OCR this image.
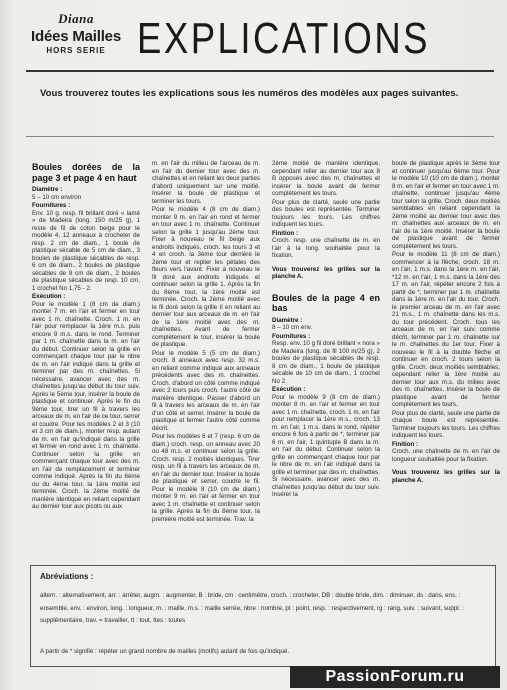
Diana
Idées Mailles
HORS SERIE EXPLICATIONS
Vous trouverez toutes les explications sous les numéros des modèles aux pages suivantes.
Boules dorées de la page 3 et page 4 en haut
Diamètre :

5 – 10 cm environ

Fournitures :

Env. 10 g. resp. fil brillant doré « lamé » de Madeira (long. 150 m/25 g), 1 reste de fil de coton beige pour le modèle 4, 12 anneaux à crocheter de resp. 2 cm de diam., 1 boule de plastique sécable de 5 cm de diam., 3 boules de plastique sécables de resp. 6 cm de diam., 2 boules de plastique sécables de 8 cm de diam., 2 boules de plastique sécables de resp. 10 cm, 1 crochet No 1,75 - 2.

Exécution :

Pour le modèle 1 (8 cm de diam.) monter 7 m. en l'air et fermer en tour avec 1 m. chaînette. Croch. 1 m. en l'air pour remplacer la 1ère m.s. puis encore 9 m.s. dans le rond. Terminer par 1 m. chaînette dans la m. en l'air du début. Continuer selon la grille en commençant chaque tour par le nbre de m. en l'air indiqué dans la grille et terminer par des m. chaînettes. Si nécessaire, avancer avec des m. chaînettes jusqu'au début du tour suiv. Après le 5ème tour, insérer la boule de plastique et continuer. Après le fin du 9ème tour, tirer un fil à travers les arceaux de m. en l'air de ce tour, serrer et coudre. Pour les modèles 2 et 3 (10 et 3 cm de diam.), monter resp. autant de m. en l'air qu'indiqué dans la grille et fermer en rond avec 1 m. chaînette. Continuer selon la grille en commençant chaque tour avec des m. en l'air de remplacement et terminer comme indiqué. Après la fin du 6ème ou du 4ème tour, la 1ère moitié est terminée. Croch. la 2ème moitié de manière identique en reliant cependant au dernier tour aux picots ou aux

m. en l'air du milieu de l'arceau de m. en l'air du dernier tour avec des m. chaînettes et en reliant les deux parties d'abord uniquement sur une moitié. Insérer la boule de plastique et terminer les tours.

Pour le modèle 4 (8 cm de diam.) monter 9 m. en l'air en rond et fermer en tour avec 1 m. chaînette. Continuer selon la grille 1 jusqu'au 2ème tour. Fixer à nouveau le fil beige aux endroits indiqués, croch. les tours 3 et 4 en croch. la 3ème tour derrière le 2ème tour et replier les pétales des fleurs vers l'avant. Fixer à nouveau le fil doré aux endroits indiqués et continuer selon la grille 1. Après la fin du 8ème tour, la 1ère moitié est terminée. Croch. la 2ème moitié avec le fil doré selon la grille II en reliant au dernier tour aux arceaux de m. en l'air de la 1ère moitié avec des m. chaînettes. Avant de fermer complètement le tour, insérer la boule de plastique.

Pour le modèle 5 (5 cm de diam.) croch. 8 anneaux avec resp. 32 m.s. en reliant comme indiqué aux anneaux précédents avec des m. chaînettes. Croch. d'abord un côté comme indiqué avec 2 tours puis croch. l'autre côté de manière identique. Passer d'abord un fil à travers les arceaux de m. en l'air d'un côté et serrer. Insérer la boule de plastique et fermer l'autre côté comme décrit.

Pour les modèles 6 et 7 (resp. 6 cm de diam.) croch. resp. un anneau avec 20 ou 48 m.s. et continuer selon la grille. Croch. resp. 2 moitiés identiques. Tirer resp. un fil à travers les arceaux de m. en l'air du dernier tour. Insérer la boule de plastique et serrer, coudre le fil. Pour le modèle 8 (10 cm de diam.) monter 9 m. en l'air et fermer en tour avec 1 m. chaînette et continuer selon la grille. Après la fin du 8ème tour, la première moitié est terminée. Trav. la

2ème moitié de manière identique, cependant relier au dernier tour aux 8 B opposés avec des m. chaînettes et insérer la boule avant de fermer complètement les tours.

Pour plus de clarté, seule une partie des boules est représentée. Terminer toujours les tours. Les chiffres indiquent les tours.

Finition :

Croch. resp. une chaînette de m. en l'air à la long. souhaitée pour la fixation.

Vous trouverez les grilles sur la planche A.

Boules de la page 4 en bas
Diamètre :

8 – 10 cm env.

Fournitures :

Resp. env. 10 g fil doré brillant « nora » de Madeira (long. de fil 100 m/25 g), 2 boules de plastique sécables de resp. 8 cm de diam., 1 boule de plastique sécable de 10 cm de diam., 1 crochet No 2.

Exécution :

Pour le modèle 9 (8 cm de diam.) monter 8 m. en l'air et fermer en tour avec 1 m. chaînette, croch. 1 m. en l'air pour remplacer la 1ère m.s., croch. 13 m. en l'air, 1 m.s. dans le rond, répéter encore 6 fois à partir de *, terminer par 6 m. en l'air, 1 quintuple B dans la m. en l'air du début. Continuer selon la grille en commençant chaque tour par le nbre de m. en l'air indiqué dans la grille et terminer par des m. chaînettes. Si nécessaire, avancer avec des m. chaînettes jusqu'au début du tour suiv. Insérer la

boule de plastique après le 3ème tour et continuer jusqu'au 6ème tour. Pour le modèle 10 (10 cm de diam.), monter 8 m. en l'air et fermer en tour avec 1 m. chaînette, continuer jusqu'au 4ème tour selon la grille. Croch. deux moitiés semblables en reliant cependant la 2ème moitié au dernier tour avec des m. chaînettes aux arceaux de m. en l'air de la 1ère moitié. Insérer la boule de plastique avant de fermer complètement les tours.

Pour le modèle 11 (8 cm de diam.) commencer à la flèche, croch. 18 m. en l'air, 1 m.s. dans la 1ère m. en l'air, *12 m. en l'air, 1 m.s. dans la 1ère des 17 m. en l'air, répéter encore 2 fois à partir de *, terminer par 1 m. chaînette dans la 1ère m. en l'air du tour. Croch. le premier arceau de m. en l'air avec 21 m.s., 1 m. chaînette dans les m.s. du tour précédent. Croch. tous les arceaux de m. en l'air suiv. comme décrit, terminer par 1 m. chaînette sur le m. chaînettes du 1er tour. Fixer à nouveau le fil à la double flèche et continuer en croch. 2 tours selon la grille. Croch. deux moitiés semblables, cependant relier la 1ère moitié au dernier tour aux m.s. du milieu avec des m. chaînettes. Insérer la boule de plastique avant de fermer complètement les tours.

Pour plus de clarté, seule une partie de chaque boule est représentée. Terminer toujours les tours. Les chiffres indiquent les tours.

Finition :

Croch. une chaînette de m. en l'air de longueur souhaitée pour la fixation.

Vous trouverez les grilles sur la planche A.

Abréviations :
altern. : alternativement, arr. : arrêter, augm. : augmenter, B : bride, cm : centimètre, croch. : crocheter, DB : double bride, dim. : diminuer, ds : dans, ens. : ensemble, env. : environ, long. : longueur, m. : maille, m.s. : maille serrée, nbre : nombre, pt : point, resp. : respectivement, rg : rang, suiv. : suivant, suppl. : supplémentaire, trav. = travailler, tt : tout, ttes : toutes
A partir de * signifie : répéter un grand nombre de mailles (motifs) autant de fois qu'indiqué.
PassionForum.ru
